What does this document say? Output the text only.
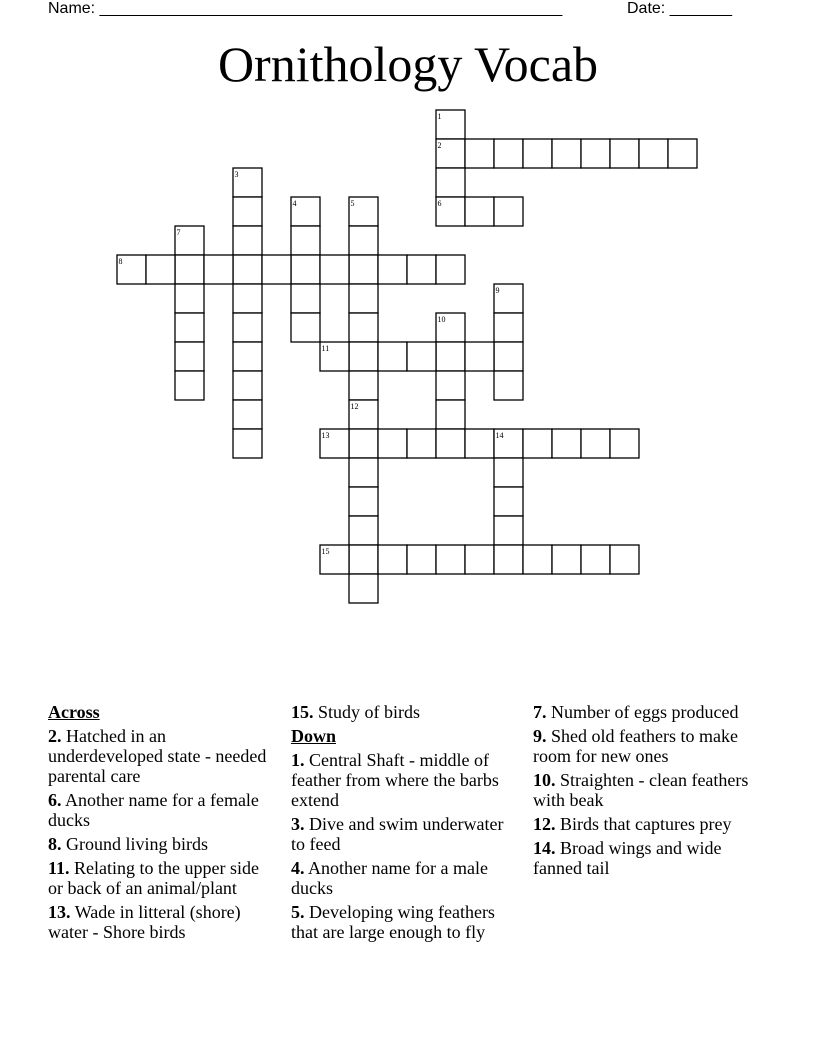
Name: ____________________________________________________	Date: _______
Ornithology Vocab
1
2
3
4	5	6
7
8
9
10
11
12
13	14
15
Across
2. Hatched in an underdeveloped state - needed parental care
6. Another name for a female ducks
8. Ground living birds
11. Relating to the upper side or back of an animal/plant
13. Wade in litteral (shore) water - Shore birds
15. Study of birds
Down
1. Central Shaft - middle of feather from where the barbs extend
3. Dive and swim underwater to feed
4. Another name for a male ducks
5. Developing wing feathers that are large enough to fly
7. Number of eggs produced
9. Shed old feathers to make room for new ones
10. Straighten - clean feathers with beak
12. Birds that captures prey
14. Broad wings and wide fanned tail
